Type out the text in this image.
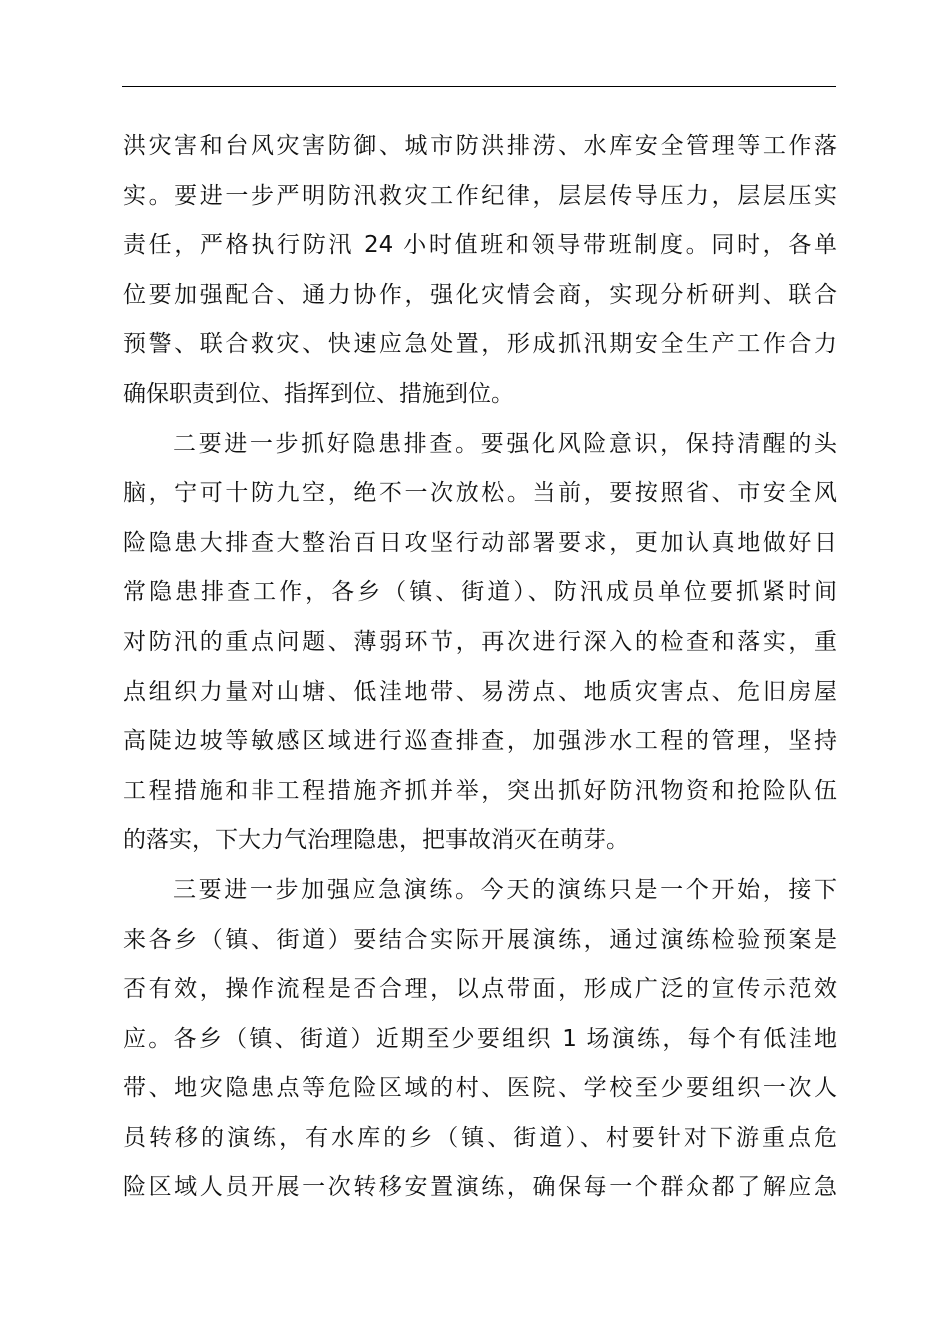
洪灾害和台风灾害防御、城市防洪排涝、水库安全管理等工作落
实。要进一步严明防汛救灾工作纪律，层层传导压力，层层压实
责任，严格执行防汛 24 小时值班和领导带班制度。同时，各单
位要加强配合、通力协作，强化灾情会商，实现分析研判、联合
预警、联合救灾、快速应急处置，形成抓汛期安全生产工作合力
确保职责到位、指挥到位、措施到位。
二要进一步抓好隐患排查。要强化风险意识，保持清醒的头
脑，宁可十防九空，绝不一次放松。当前，要按照省、市安全风
险隐患大排查大整治百日攻坚行动部署要求，更加认真地做好日
常隐患排查工作，各乡（镇、街道）、防汛成员单位要抓紧时间
对防汛的重点问题、薄弱环节，再次进行深入的检查和落实，重
点组织力量对山塘、低洼地带、易涝点、地质灾害点、危旧房屋
高陡边坡等敏感区域进行巡查排查，加强涉水工程的管理，坚持
工程措施和非工程措施齐抓并举，突出抓好防汛物资和抢险队伍
的落实，下大力气治理隐患，把事故消灭在萌芽。
三要进一步加强应急演练。今天的演练只是一个开始，接下
来各乡（镇、街道）要结合实际开展演练，通过演练检验预案是
否有效，操作流程是否合理，以点带面，形成广泛的宣传示范效
应。各乡（镇、街道）近期至少要组织 1 场演练，每个有低洼地
带、地灾隐患点等危险区域的村、医院、学校至少要组织一次人
员转移的演练，有水库的乡（镇、街道）、村要针对下游重点危
险区域人员开展一次转移安置演练，确保每一个群众都了解应急
